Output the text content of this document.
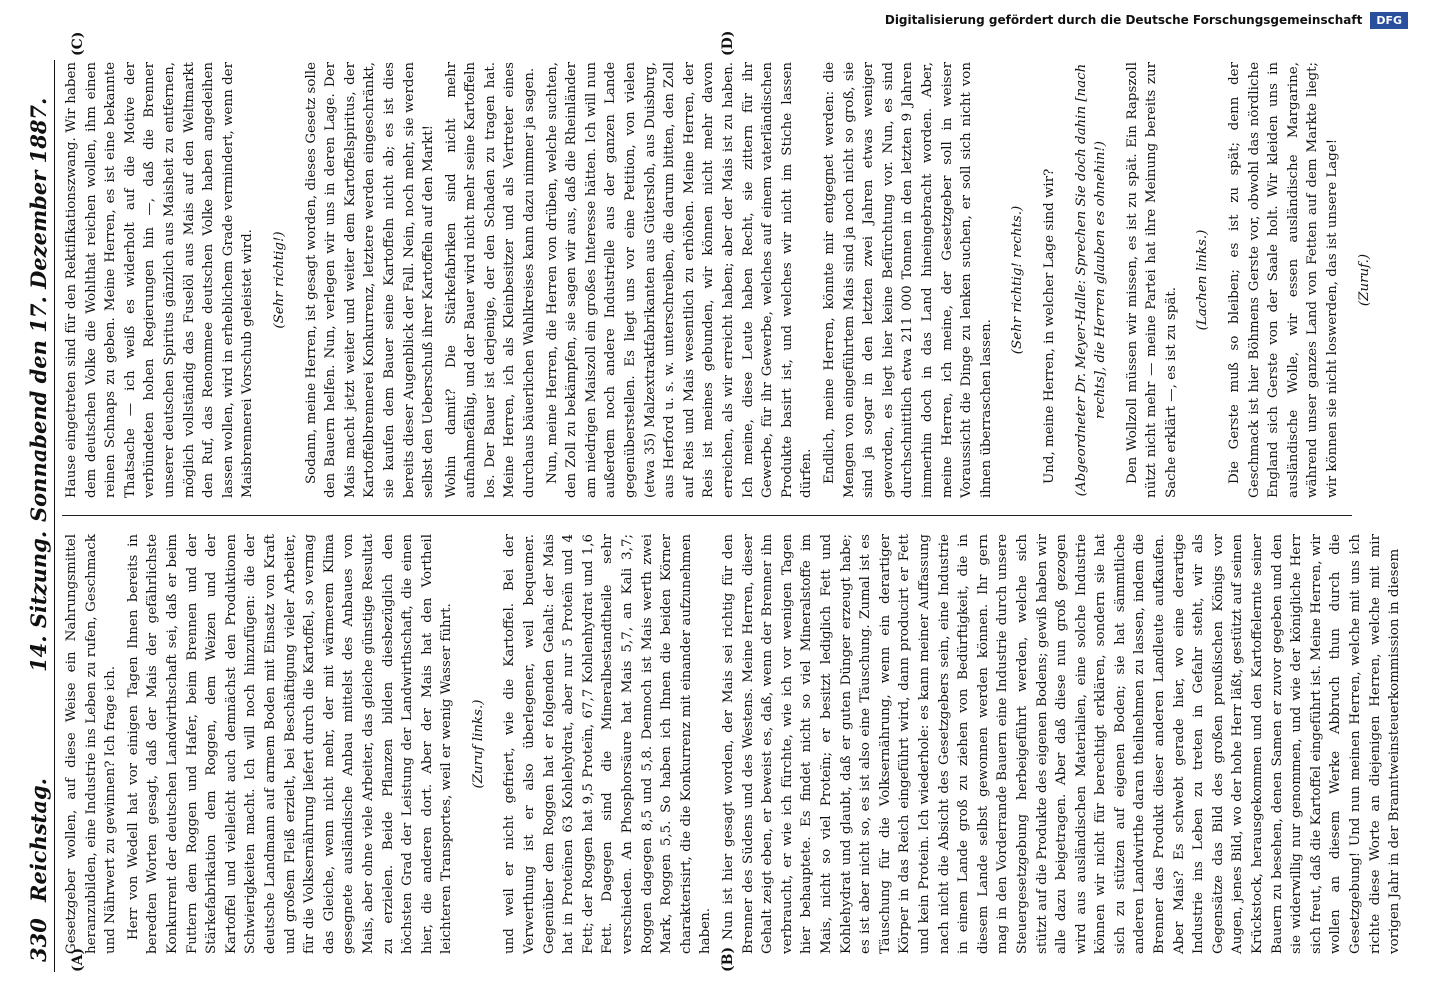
330
Reichstag.
14. Sitzung.
Sonnabend den 17. Dezember 1887.
(A)	(B)
(C)	(D)

Gesetzgeber wollen, auf diese Weise ein Nahrungsmittel heranzubilden, eine Industrie ins Leben zu rufen, Geschmack und Nährwert zu gewinnen? Ich frage ich. Herr von Wedell hat vor einigen Tagen Ihnen bereits in beredten Worten gesagt, daß der Mais der gefährlichste Konkurrent der deutschen Landwirthschaft sei, daß er beim Futtern dem Roggen und Hafer, beim Brennen und der Stärkefabrikation dem Roggen, dem Weizen und der Kartoffel und vielleicht auch demnächst den Produktionen Schwierigkeiten macht. Ich will noch hinzufügen: die der deutsche Landmann auf armem Boden mit Einsatz von Kraft und großem Fleiß erzielt, bei Beschäftigung vieler Arbeiter, für die Volksernährung liefert durch die Kartoffel, so vermag das Gleiche, wenn nicht mehr, der mit wärmerem Klima gesegnete ausländische Anbau mittelst des Anbaues von Mais, aber ohne viele Arbeiter, das gleiche günstige Resultat zu erzielen. Beide Pflanzen bilden diesbezüglich den höchsten Grad der Leistung der Landwirthschaft, die einen hier, die anderen dort. Aber der Mais hat den Vortheil leichteren Transportes, weil er wenig Wasser führt. (Zuruf links.) und weil er nicht gefriert, wie die Kartoffel. Bei der Verwerthung ist er also überlegener, weil bequemer. Gegenüber dem Roggen hat er folgenden Gehalt: der Mais hat in Proteïnen 63 Kohlehydrat, aber nur 5 Proteïn und 4 Fett; der Roggen hat 9,5 Proteïn, 67,7 Kohlenhydrat und 1,6 Fett. Dagegen sind die Mineralbestandtheile sehr verschieden. An Phosphorsäure hat Mais 5,7, an Kali 3,7; Roggen dagegen 8,5 und 5,8. Dennoch ist Mais werth zwei Mark, Roggen 5,5. So haben ich Ihnen die beiden Körner charakterisirt, die die Konkurrenz mit einander aufzunehmen haben. Nun ist hier gesagt worden, der Mais sei richtig für den Brenner des Südens und des Westens. Meine Herren, dieser Gehalt zeigt eben, er beweist es, daß, wenn der Brenner ihn verbraucht, er wie ich fürchte, wie ich vor wenigen Tagen hier behauptete. Es findet nicht so viel Mineralstoffe im Mais, nicht so viel Proteïn; er besitzt lediglich Fett und Kohlehydrat und glaubt, daß er guten Dünger erzeugt habe; es ist aber nicht so, es ist also eine Täuschung. Zumal ist es Täuschung für die Volksernährung, wenn ein derartiger Körper in das Reich eingeführt wird, dann producirt er Fett und kein Protein. Ich wiederhole: es kann meiner Auffassung nach nicht die Absicht des Gesetzgebers sein, eine Industrie in einem Lande groß zu ziehen von Bedürftigkeit, die in diesem Lande selbst gewonnen werden können. Ihr gern mag in den Vorderrande Bauern eine Industrie durch unsere Steuergesetzgebung herbeigeführt werden, welche sich stützt auf die Produkte des eigenen Bodens; gewiß haben wir alle dazu beigetragen. Aber daß diese nun groß gezogen wird aus ausländischen Materialien, eine solche Industrie können wir nicht für berechtigt erklären, sondern sie hat sich zu stützen auf eigenen Boden; sie hat sämmtliche anderen Landwirthe daran theilnehmen zu lassen, indem die Brenner das Produkt dieser anderen Landleute aufkaufen. Aber Mais? Es schwebt gerade hier, wo eine derartige Industrie ins Leben zu treten in Gefahr steht, wir als Gegensätze das Bild des großen preußischen Königs vor Augen, jenes Bild, wo der hohe Herr läßt, gestützt auf seinen Krückstock, herausgekommen und den Kartoffelernte seiner Bauern zu besehen, denen Samen er zuvor gegeben und den sie widerwillig nur genommen, und wie der königliche Herr sich freut, daß die Kartoffel eingeführt ist. Meine Herren, wir wollen an diesem Werke Abbruch thun durch die Gesetzgebung! Und nun meinen Herren, welche mit uns ich richte diese Worte an diejenigen Herren, welche mit mir vorigen Jahr in der Branntweinsteuerkommission in diesem

Hause eingetreten sind für den Rektifikationszwang. Wir haben dem deutschen Volke die Wohlthat reichen wollen, ihm einen reinen Schnaps zu geben. Meine Herren, es ist eine bekannte Thatsache — ich weiß es widerholt auf die Motive der verbündeten hohen Regierungen hin —, daß die Brenner unserer deutschen Spiritus gänzlich aus Maisheit zu entfernen, möglich vollständig das Fuselöl aus Mais auf den Weltmarkt den Ruf, das Renommee deutschen Volke haben angedeihen lassen wollen, wird in erheblichem Grade vermindert, wenn der Maisbrennerei Vorschub geleistet wird. (Sehr richtig!) Sodann, meine Herren, ist gesagt worden, dieses Gesetz solle den Bauern helfen. Nun, verlegen wir uns in deren Lage. Der Mais macht jetzt weiter und weiter dem Kartoffelspiritus, der Kartoffelbrennerei Konkurrenz, letztere werden eingeschränkt, sie kaufen dem Bauer seine Kartoffeln nicht ab; es ist dies bereits dieser Augenblick der Fall. Nein, noch mehr, sie werden selbst den Ueberschuß ihrer Kartoffeln auf den Markt! Wohin damit? Die Stärkefabriken sind nicht mehr aufnahmefähig, und der Bauer wird nicht mehr seine Kartoffeln los. Der Bauer ist derjenige, der den Schaden zu tragen hat. Meine Herren, ich als Kleinbesitzer und als Vertreter eines durchaus bäuerlichen Wahlkreises kann dazu nimmer ja sagen. Nun, meine Herren, die Herren von drüben, welche suchten, den Zoll zu bekämpfen, sie sagen wir aus, daß die Rheinländer am niedrigen Maiszoll ein großes Interesse hätten. Ich will nun außerdem noch andere Industrielle aus der ganzen Lande gegenüberstellen. Es liegt uns vor eine Petition, von vielen (etwa 35) Malzextraktfabrikanten aus Gütersloh, aus Duisburg, aus Herford u. s. w. unterschreiben, die darum bitten, den Zoll auf Reis und Mais wesentlich zu erhöhen. Meine Herren, der Reis ist meines gebunden, wir können nicht mehr davon erreichen, als wir erreicht haben; aber der Mais ist zu haben. Ich meine, diese Leute haben Recht, sie zittern für ihr Gewerbe, für ihr Gewerbe, welches auf einem vaterländischen Produkte basirt ist, und welches wir nicht im Stiche lassen dürfen. Endlich, meine Herren, könnte mir entgegnet werden: die Mengen von eingeführtem Mais sind ja noch nicht so groß, sie sind ja sogar in den letzten zwei Jahren etwas weniger geworden, es liegt hier keine Befürchtung vor. Nun, es sind durchschnittlich etwa 211 000 Tonnen in den letzten 9 Jahren immerhin doch in das Land hineingebracht worden. Aber, meine Herren, ich meine, der Gesetzgeber soll in weiser Voraussicht die Dinge zu lenken suchen, er soll sich nicht von ihnen überraschen lassen.

(Sehr richtig! rechts.) Und, meine Herren, in welcher Lage sind wir? (Abgeordneter Dr. Meyer-Halle: Sprechen Sie doch dahin [nach rechts], die Herren glauben es ohnehin!) Den Wollzoll müssen wir missen, es ist zu spät. Ein Rapszoll nützt nicht mehr — meine Partei hat ihre Meinung bereits zur Sache erklärt —, es ist zu spät.

(Lachen links.) Die Gerste muß so bleiben; es ist zu spät; denn der Geschmack ist hier Böhmens Gerste vor, obwohl das nördliche England sich Gerste von der Saale holt. Wir kleiden uns in ausländische Wolle, wir essen ausländische Margarine, während unser ganzes Land von Fetten auf dem Markte liegt; wir können sie nicht loswerden, das ist unsere Lage! (Zuruf.)

Digitalisierung gefördert durch die Deutsche Forschungsgemeinschaft	DFG
